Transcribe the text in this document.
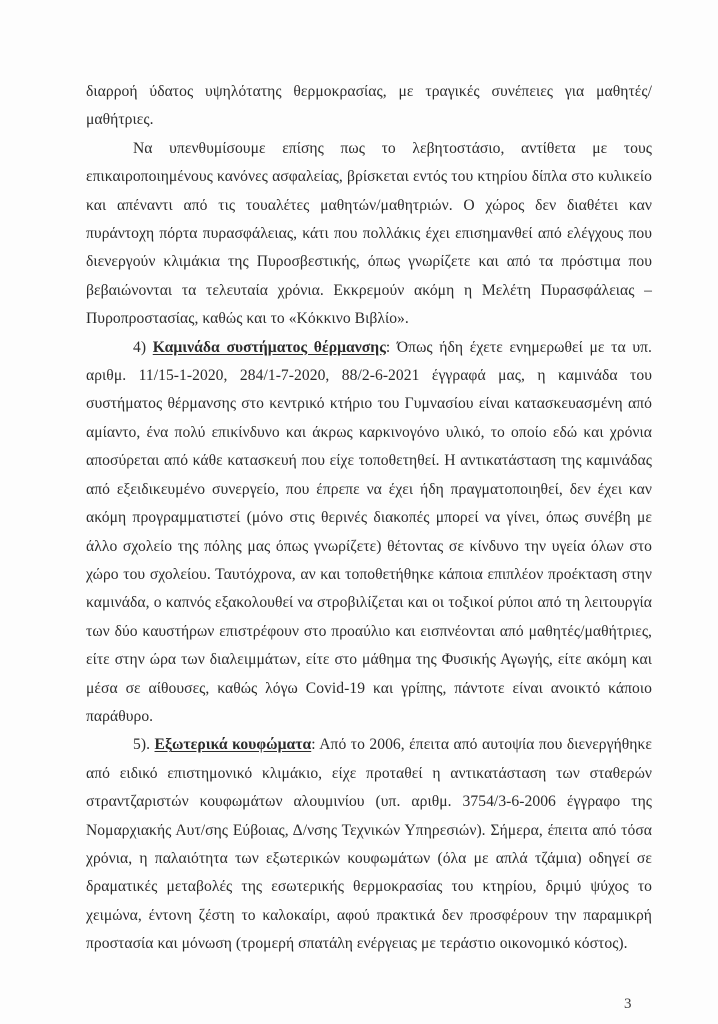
διαρροή ύδατος υψηλότατης θερμοκρασίας, με τραγικές συνέπειες για μαθητές/μαθήτριες.

Να υπενθυμίσουμε επίσης πως το λεβητοστάσιο, αντίθετα με τους επικαιροποιημένους κανόνες ασφαλείας, βρίσκεται εντός του κτηρίου δίπλα στο κυλικείο και απέναντι από τις τουαλέτες μαθητών/μαθητριών. Ο χώρος δεν διαθέτει καν πυράντοχη πόρτα πυρασφάλειας, κάτι που πολλάκις έχει επισημανθεί από ελέγχους που διενεργούν κλιμάκια της Πυροσβεστικής, όπως γνωρίζετε και από τα πρόστιμα που βεβαιώνονται τα τελευταία χρόνια. Εκκρεμούν ακόμη η Μελέτη Πυρασφάλειας – Πυροπροστασίας, καθώς και το «Κόκκινο Βιβλίο».

4) Καμινάδα συστήματος θέρμανσης: Όπως ήδη έχετε ενημερωθεί με τα υπ. αριθμ. 11/15-1-2020, 284/1-7-2020, 88/2-6-2021 έγγραφά μας, η καμινάδα του συστήματος θέρμανσης στο κεντρικό κτήριο του Γυμνασίου είναι κατασκευασμένη από αμίαντο, ένα πολύ επικίνδυνο και άκρως καρκινογόνο υλικό, το οποίο εδώ και χρόνια αποσύρεται από κάθε κατασκευή που είχε τοποθετηθεί. Η αντικατάσταση της καμινάδας από εξειδικευμένο συνεργείο, που έπρεπε να έχει ήδη πραγματοποιηθεί, δεν έχει καν ακόμη προγραμματιστεί (μόνο στις θερινές διακοπές μπορεί να γίνει, όπως συνέβη με άλλο σχολείο της πόλης μας όπως γνωρίζετε) θέτοντας σε κίνδυνο την υγεία όλων στο χώρο του σχολείου. Ταυτόχρονα, αν και τοποθετήθηκε κάποια επιπλέον προέκταση στην καμινάδα, ο καπνός εξακολουθεί να στροβιλίζεται και οι τοξικοί ρύποι από τη λειτουργία των δύο καυστήρων επιστρέφουν στο προαύλιο και εισπνέονται από μαθητές/μαθήτριες, είτε στην ώρα των διαλειμμάτων, είτε στο μάθημα της Φυσικής Αγωγής, είτε ακόμη και μέσα σε αίθουσες, καθώς λόγω Covid-19 και γρίπης, πάντοτε είναι ανοικτό κάποιο παράθυρο.

5). Εξωτερικά κουφώματα: Από το 2006, έπειτα από αυτοψία που διενεργήθηκε από ειδικό επιστημονικό κλιμάκιο, είχε προταθεί η αντικατάσταση των σταθερών στραντζαριστών κουφωμάτων αλουμινίου (υπ. αριθμ. 3754/3-6-2006 έγγραφο της Νομαρχιακής Αυτ/σης Εύβοιας, Δ/νσης Τεχνικών Υπηρεσιών). Σήμερα, έπειτα από τόσα χρόνια, η παλαιότητα των εξωτερικών κουφωμάτων (όλα με απλά τζάμια) οδηγεί σε δραματικές μεταβολές της εσωτερικής θερμοκρασίας του κτηρίου, δριμύ ψύχος το χειμώνα, έντονη ζέστη το καλοκαίρι, αφού πρακτικά δεν προσφέρουν την παραμικρή προστασία και μόνωση (τρομερή σπατάλη ενέργειας με τεράστιο οικονομικό κόστος).

3
